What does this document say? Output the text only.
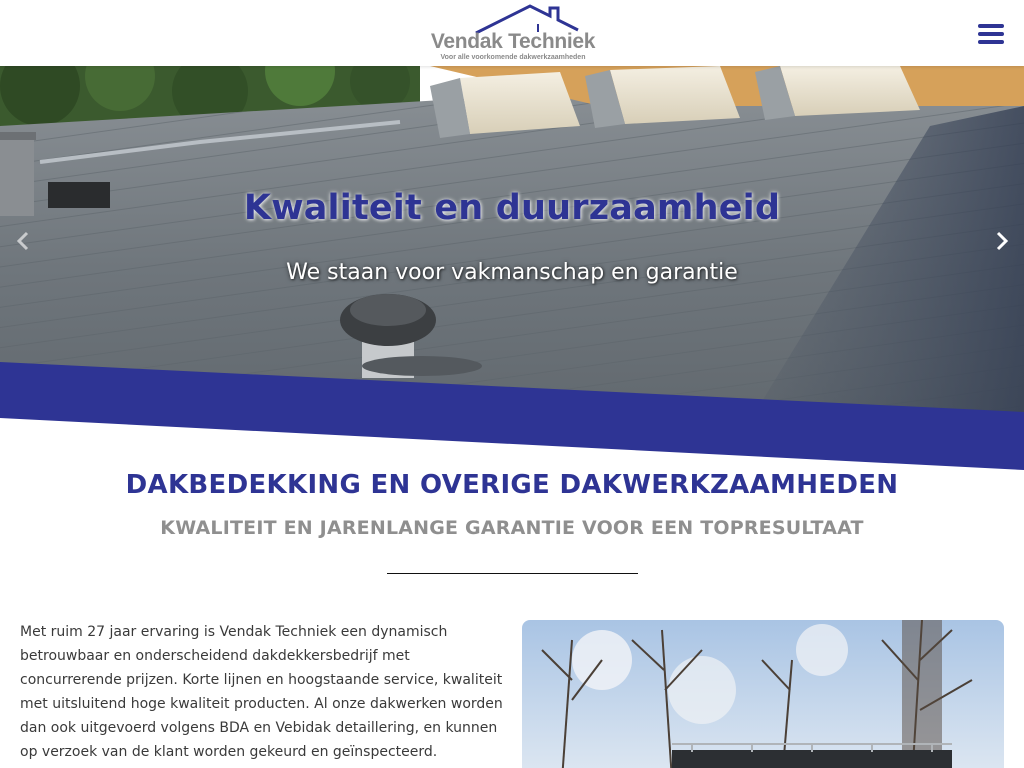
Vendak Techniek
Voor alle voorkomende dakwerkzaamheden
Kwaliteit en duurzaamheid

We staan voor vakmanschap en garantie

DAKBEDEKKING EN OVERIGE DAKWERKZAAMHEDEN
KWALITEIT EN JARENLANGE GARANTIE VOOR EEN TOPRESULTAAT

Met ruim 27 jaar ervaring is Vendak Techniek een dynamisch betrouwbaar en onderscheidend dakdekkersbedrijf met concurrerende prijzen. Korte lijnen en hoogstaande service, kwaliteit met uitsluitend hoge kwaliteit producten. Al onze dakwerken worden dan ook uitgevoerd volgens BDA en Vebidak detaillering, en kunnen op verzoek van de klant worden gekeurd en geïnspecteerd.
